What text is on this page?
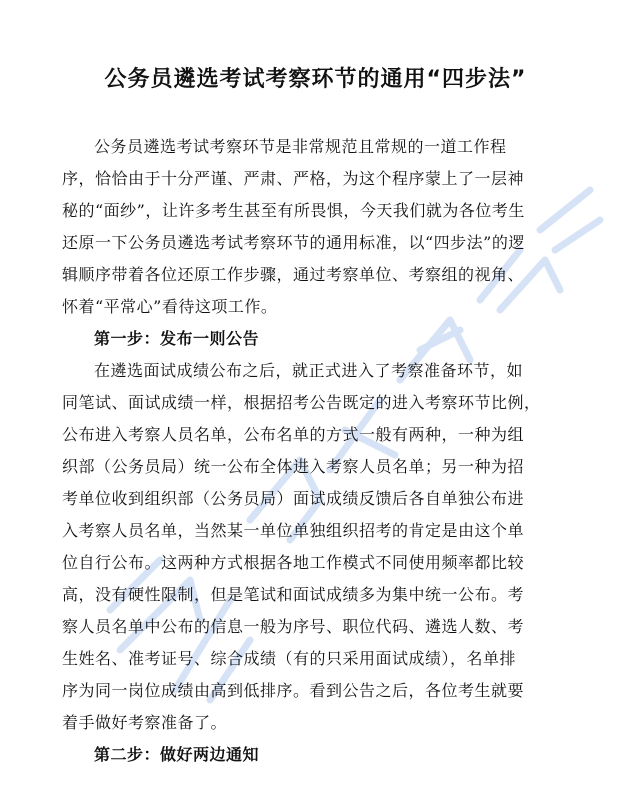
公务员遴选考试考察环节的通用“四步法”

公务员遴选考试考察环节是非常规范且常规的一道工作程
序，恰恰由于十分严谨、严肃、严格，为这个程序蒙上了一层神
秘的“面纱”，让许多考生甚至有所畏惧，今天我们就为各位考生
还原一下公务员遴选考试考察环节的通用标准，以“四步法”的逻
辑顺序带着各位还原工作步骤，通过考察单位、考察组的视角、
怀着“平常心”看待这项工作。

第一步：发布一则公告

在遴选面试成绩公布之后，就正式进入了考察准备环节，如
同笔试、面试成绩一样，根据招考公告既定的进入考察环节比例，
公布进入考察人员名单，公布名单的方式一般有两种，一种为组
织部（公务员局）统一公布全体进入考察人员名单；另一种为招
考单位收到组织部（公务员局）面试成绩反馈后各自单独公布进
入考察人员名单，当然某一单位单独组织招考的肯定是由这个单
位自行公布。这两种方式根据各地工作模式不同使用频率都比较
高，没有硬性限制，但是笔试和面试成绩多为集中统一公布。考
察人员名单中公布的信息一般为序号、职位代码、遴选人数、考
生姓名、准考证号、综合成绩（有的只采用面试成绩），名单排
序为同一岗位成绩由高到低排序。看到公告之后，各位考生就要
着手做好考察准备了。

第二步：做好两边通知
